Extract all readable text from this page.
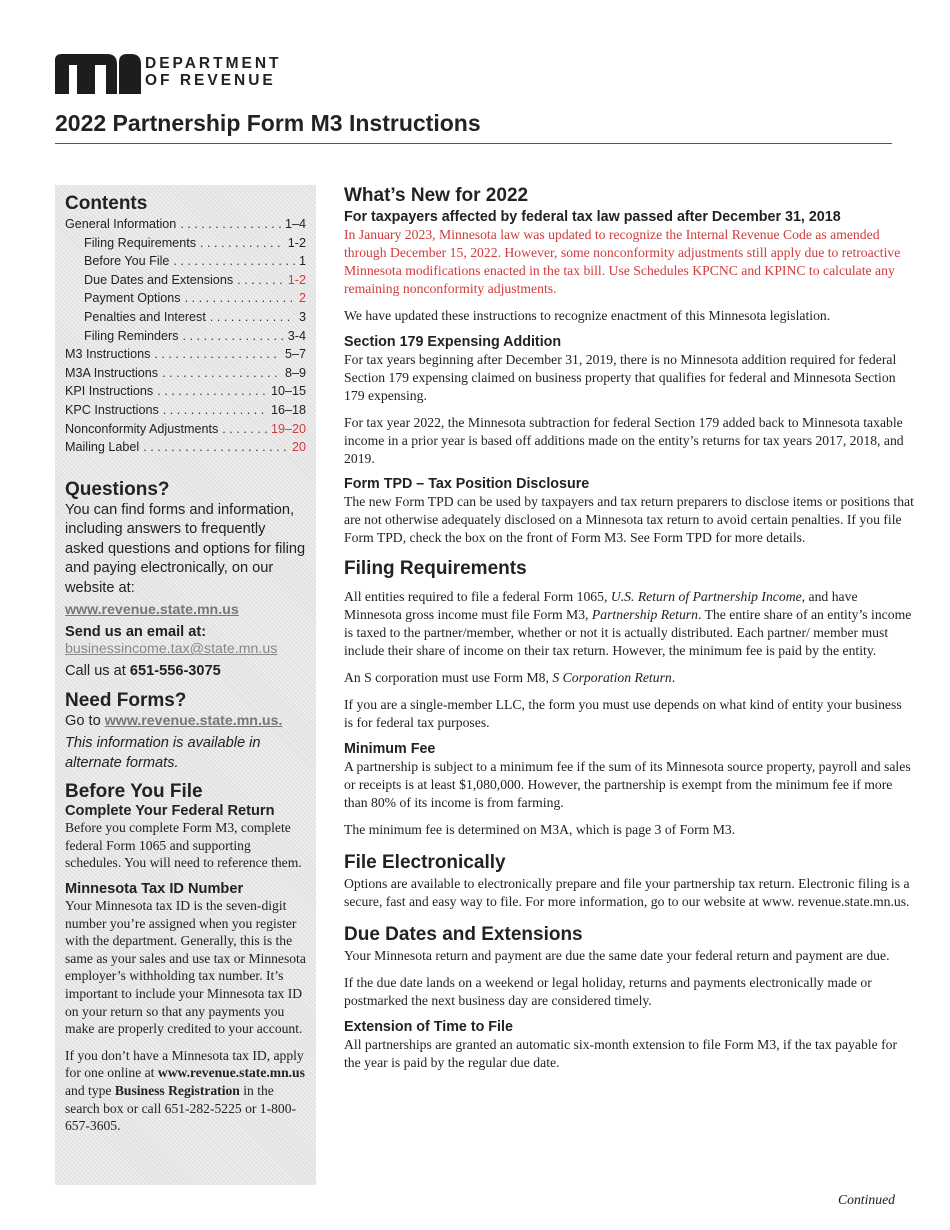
DEPARTMENT
OF REVENUE
2022 Partnership Form M3 Instructions
Contents
General Information . . .	1–4
Filing Requirements . . .	1-2
Before You File . . .	1
Due Dates and Extensions . . .	1-2
Payment Options . . .	2
Penalties and Interest . . .	3
Filing Reminders . . .	3-4
M3 Instructions . . .	5–7
M3A Instructions . . .	8–9
KPI Instructions . . .	10–15
KPC Instructions . . .	16–18
Nonconformity Adjustments . . .	19–20
Mailing Label . . .	20
Questions?

You can find forms and information, including answers to frequently asked questions and options for filing and paying electronically, on our website at:

www.revenue.state.mn.us

Send us an email at:

businessincome.tax@state.mn.us

Call us at 651-556-3075

Need Forms?

Go to www.revenue.state.mn.us.

This information is available in alternate formats.

Before You File

Complete Your Federal Return

Before you complete Form M3, complete federal Form 1065 and supporting schedules. You will need to reference them.

Minnesota Tax ID Number

Your Minnesota tax ID is the seven-digit number you’re assigned when you register with the department. Generally, this is the same as your sales and use tax or Minnesota employer’s withholding tax number. It’s important to include your Minnesota tax ID on your return so that any payments you make are properly credited to your account.

If you don’t have a Minnesota tax ID, apply for one online at www.revenue.state.mn.us and type Business Registration in the search box or call 651-282-5225 or 1-800-657-3605.

What’s New for 2022
For taxpayers affected by federal tax law passed after December 31, 2018

In January 2023, Minnesota law was updated to recognize the Internal Revenue Code as amended through December 15, 2022. However, some nonconformity adjustments still apply due to retroactive Minnesota modifications enacted in the tax bill. Use Schedules KPCNC and KPINC to calculate any remaining nonconformity adjustments.

We have updated these instructions to recognize enactment of this Minnesota legislation.

Section 179 Expensing Addition

For tax years beginning after December 31, 2019, there is no Minnesota addition required for federal Section 179 expensing claimed on business property that qualifies for federal and Minnesota Section 179 expensing.

For tax year 2022, the Minnesota subtraction for federal Section 179 added back to Minnesota taxable income in a prior year is based off additions made on the entity’s returns for tax years 2017, 2018, and 2019.

Form TPD – Tax Position Disclosure

The new Form TPD can be used by taxpayers and tax return preparers to disclose items or positions that are not otherwise adequately disclosed on a Minnesota tax return to avoid certain penalties. If you file Form TPD, check the box on the front of Form M3. See Form TPD for more details.

Filing Requirements

All entities required to file a federal Form 1065, U.S. Return of Partnership Income, and have Minnesota gross income must file Form M3, Partnership Return. The entire share of an entity’s income is taxed to the partner/member, whether or not it is actually distributed. Each partner/ member must include their share of income on their tax return. However, the minimum fee is paid by the entity.

An S corporation must use Form M8, S Corporation Return.

If you are a single-member LLC, the form you must use depends on what kind of entity your business is for federal tax purposes.

Minimum Fee

A partnership is subject to a minimum fee if the sum of its Minnesota source property, payroll and sales or receipts is at least $1,080,000. However, the partnership is exempt from the minimum fee if more than 80% of its income is from farming.

The minimum fee is determined on M3A, which is page 3 of Form M3.

File Electronically

Options are available to electronically prepare and file your partnership tax return. Electronic filing is a secure, fast and easy way to file. For more information, go to our website at www. revenue.state.mn.us.

Due Dates and Extensions

Your Minnesota return and payment are due the same date your federal return and payment are due.

If the due date lands on a weekend or legal holiday, returns and payments electronically made or postmarked the next business day are considered timely.

Extension of Time to File

All partnerships are granted an automatic six-month extension to file Form M3, if the tax payable for the year is paid by the regular due date.

Continued
